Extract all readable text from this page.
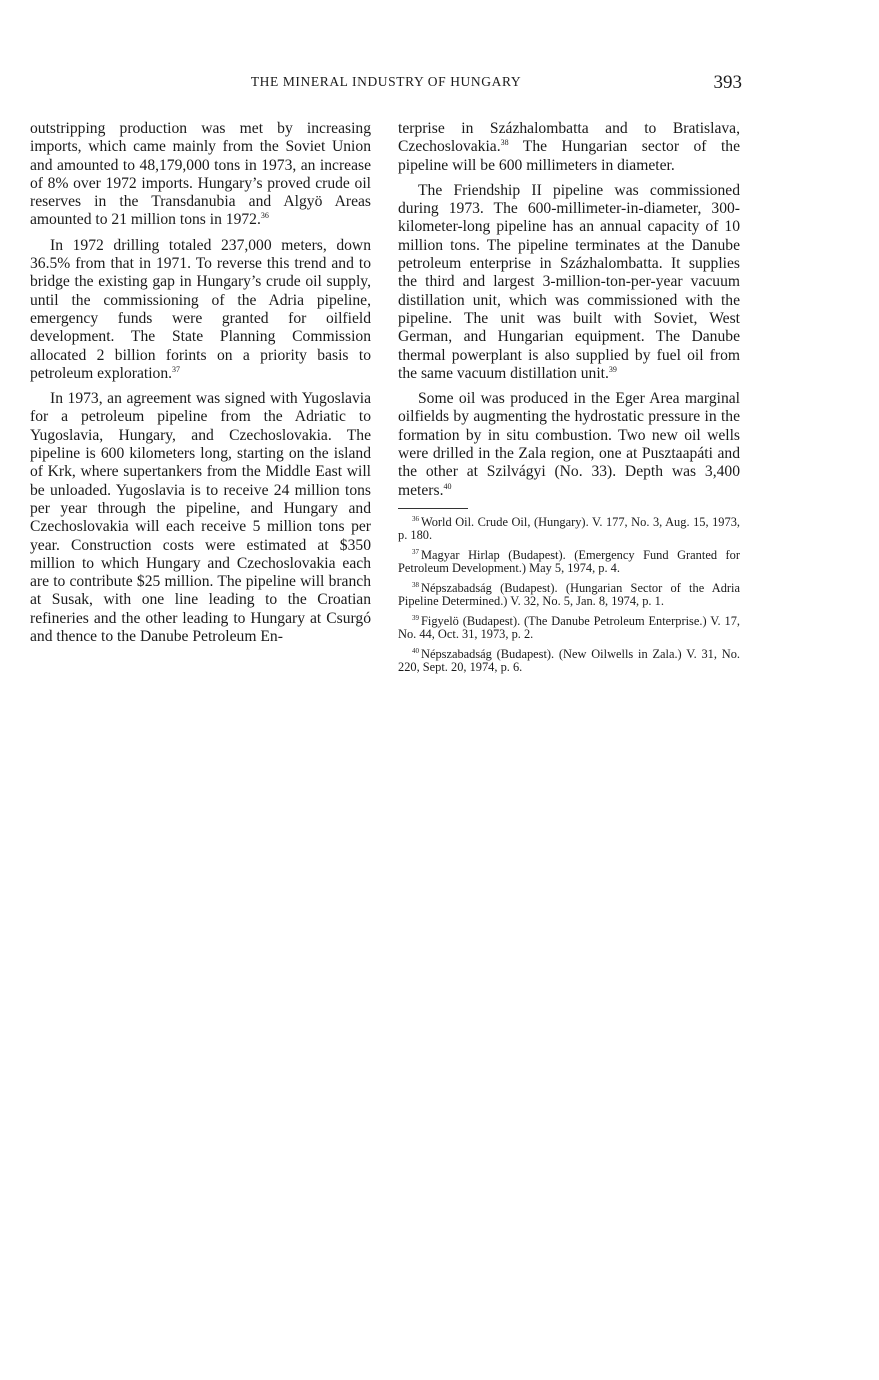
THE MINERAL INDUSTRY OF HUNGARY	393

outstripping production was met by increasing imports, which came mainly from the Soviet Union and amounted to 48,179,000 tons in 1973, an increase of 8% over 1972 imports. Hungary’s proved crude oil reserves in the Transdanubia and Algyö Areas amounted to 21 million tons in 1972.36

In 1972 drilling totaled 237,000 meters, down 36.5% from that in 1971. To reverse this trend and to bridge the existing gap in Hungary’s crude oil supply, until the commissioning of the Adria pipeline, emergency funds were granted for oilfield development. The State Planning Commission allocated 2 billion forints on a priority basis to petroleum exploration.$^{37}$

In 1973, an agreement was signed with Yugoslavia for a petroleum pipeline from the Adriatic to Yugoslavia, Hungary, and Czechoslovakia. The pipeline is 600 kilometers long, starting on the island of Krk, where supertankers from the Middle East will be unloaded. Yugoslavia is to receive 24 million tons per year through the pipeline, and Hungary and Czechoslovakia will each receive 5 million tons per year. Construction costs were estimated at $350 million to which Hungary and Czechoslovakia each are to contribute $25 million. The pipeline will branch at Susak, with one line leading to the Croatian refineries and the other leading to Hungary at Csurgó and thence to the Danube Petroleum En-

terprise in Százhalombatta and to Bratislava, Czechoslovakia.$^{38}$ The Hungarian sector of the pipeline will be 600 millimeters in diameter.

The Friendship II pipeline was commissioned during 1973. The 600-millimeter-in-diameter, 300-kilometer-long pipeline has an annual capacity of 10 million tons. The pipeline terminates at the Danube petroleum enterprise in Százhalombatta. It supplies the third and largest 3-million-ton-per-year vacuum distillation unit, which was commissioned with the pipeline. The unit was built with Soviet, West German, and Hungarian equipment. The Danube thermal powerplant is also supplied by fuel oil from the same vacuum distillation unit.$^{39}$

Some oil was produced in the Eger Area marginal oilfields by augmenting the hydrostatic pressure in the formation by in situ combustion. Two new oil wells were drilled in the Zala region, one at Pusztaapáti and the other at Szilvágyi (No. 33). Depth was 3,400 meters.$^{40}$

$^{36}$ World Oil. Crude Oil, (Hungary). V. 177, No. 3, Aug. 15, 1973, p. 180.

$^{37}$ Magyar Hirlap (Budapest). (Emergency Fund Granted for Petroleum Development.) May 5, 1974, p. 4.

$^{38}$ Népszabadság (Budapest). (Hungarian Sector of the Adria Pipeline Determined.) V. 32, No. 5, Jan. 8, 1974, p. 1.

$^{39}$ Figyelö (Budapest). (The Danube Petroleum Enterprise.) V. 17, No. 44, Oct. 31, 1973, p. 2.

$^{40}$ Népszabadság (Budapest). (New Oilwells in Zala.) V. 31, No. 220, Sept. 20, 1974, p. 6.
